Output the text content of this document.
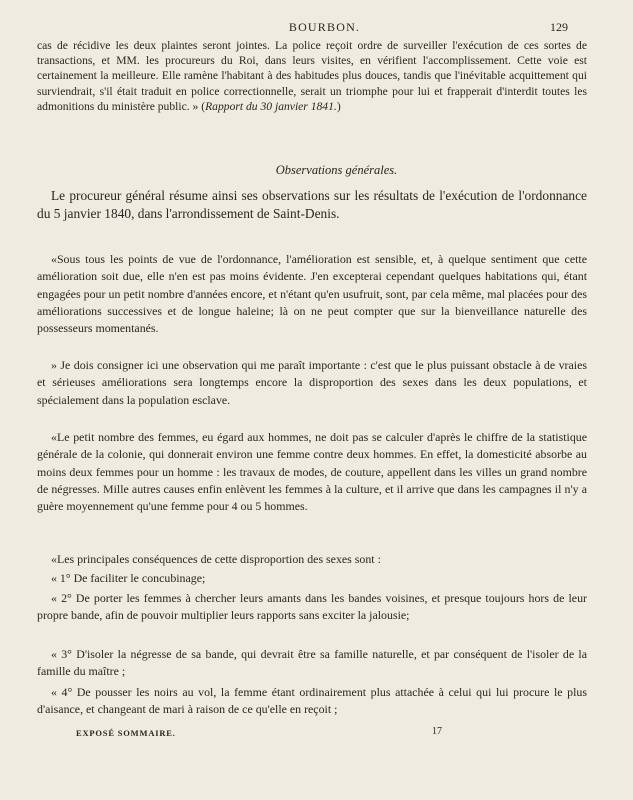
BOURBON.	129
cas de récidive les deux plaintes seront jointes. La police reçoit ordre de surveiller l'exécution de ces sortes de transactions, et MM. les procureurs du Roi, dans leurs visites, en vérifient l'accomplissement. Cette voie est certainement la meilleure. Elle ramène l'habitant à des habitudes plus douces, tandis que l'inévitable acquittement qui surviendrait, s'il était traduit en police correctionnelle, serait un triomphe pour lui et frapperait d'interdit toutes les admonitions du ministère public. » (Rapport du 30 janvier 1841.)
Observations générales.
Le procureur général résume ainsi ses observations sur les résultats de l'exécution de l'ordonnance du 5 janvier 1840, dans l'arrondissement de Saint-Denis.
«Sous tous les points de vue de l'ordonnance, l'amélioration est sensible, et, à quelque sentiment que cette amélioration soit due, elle n'en est pas moins évidente. J'en excepterai cependant quelques habitations qui, étant engagées pour un petit nombre d'années encore, et n'étant qu'en usufruit, sont, par cela même, mal placées pour des améliorations successives et de longue haleine; là on ne peut compter que sur la bienveillance naturelle des possesseurs momentanés.
» Je dois consigner ici une observation qui me paraît importante : c'est que le plus puissant obstacle à de vraies et sérieuses améliorations sera longtemps encore la disproportion des sexes dans les deux populations, et spécialement dans la population esclave.
«Le petit nombre des femmes, eu égard aux hommes, ne doit pas se calculer d'après le chiffre de la statistique générale de la colonie, qui donnerait environ une femme contre deux hommes. En effet, la domesticité absorbe au moins deux femmes pour un homme : les travaux de modes, de couture, appellent dans les villes un grand nombre de négresses. Mille autres causes enfin enlèvent les femmes à la culture, et il arrive que dans les campagnes il n'y a guère moyennement qu'une femme pour 4 ou 5 hommes.
«Les principales conséquences de cette disproportion des sexes sont :
« 1° De faciliter le concubinage;
« 2° De porter les femmes à chercher leurs amants dans les bandes voisines, et presque toujours hors de leur propre bande, afin de pouvoir multiplier leurs rapports sans exciter la jalousie;
« 3° D'isoler la négresse de sa bande, qui devrait être sa famille naturelle, et par conséquent de l'isoler de la famille du maître ;
« 4° De pousser les noirs au vol, la femme étant ordinairement plus attachée à celui qui lui procure le plus d'aisance, et changeant de mari à raison de ce qu'elle en reçoit ;
EXPOSÉ SOMMAIRE.	17
